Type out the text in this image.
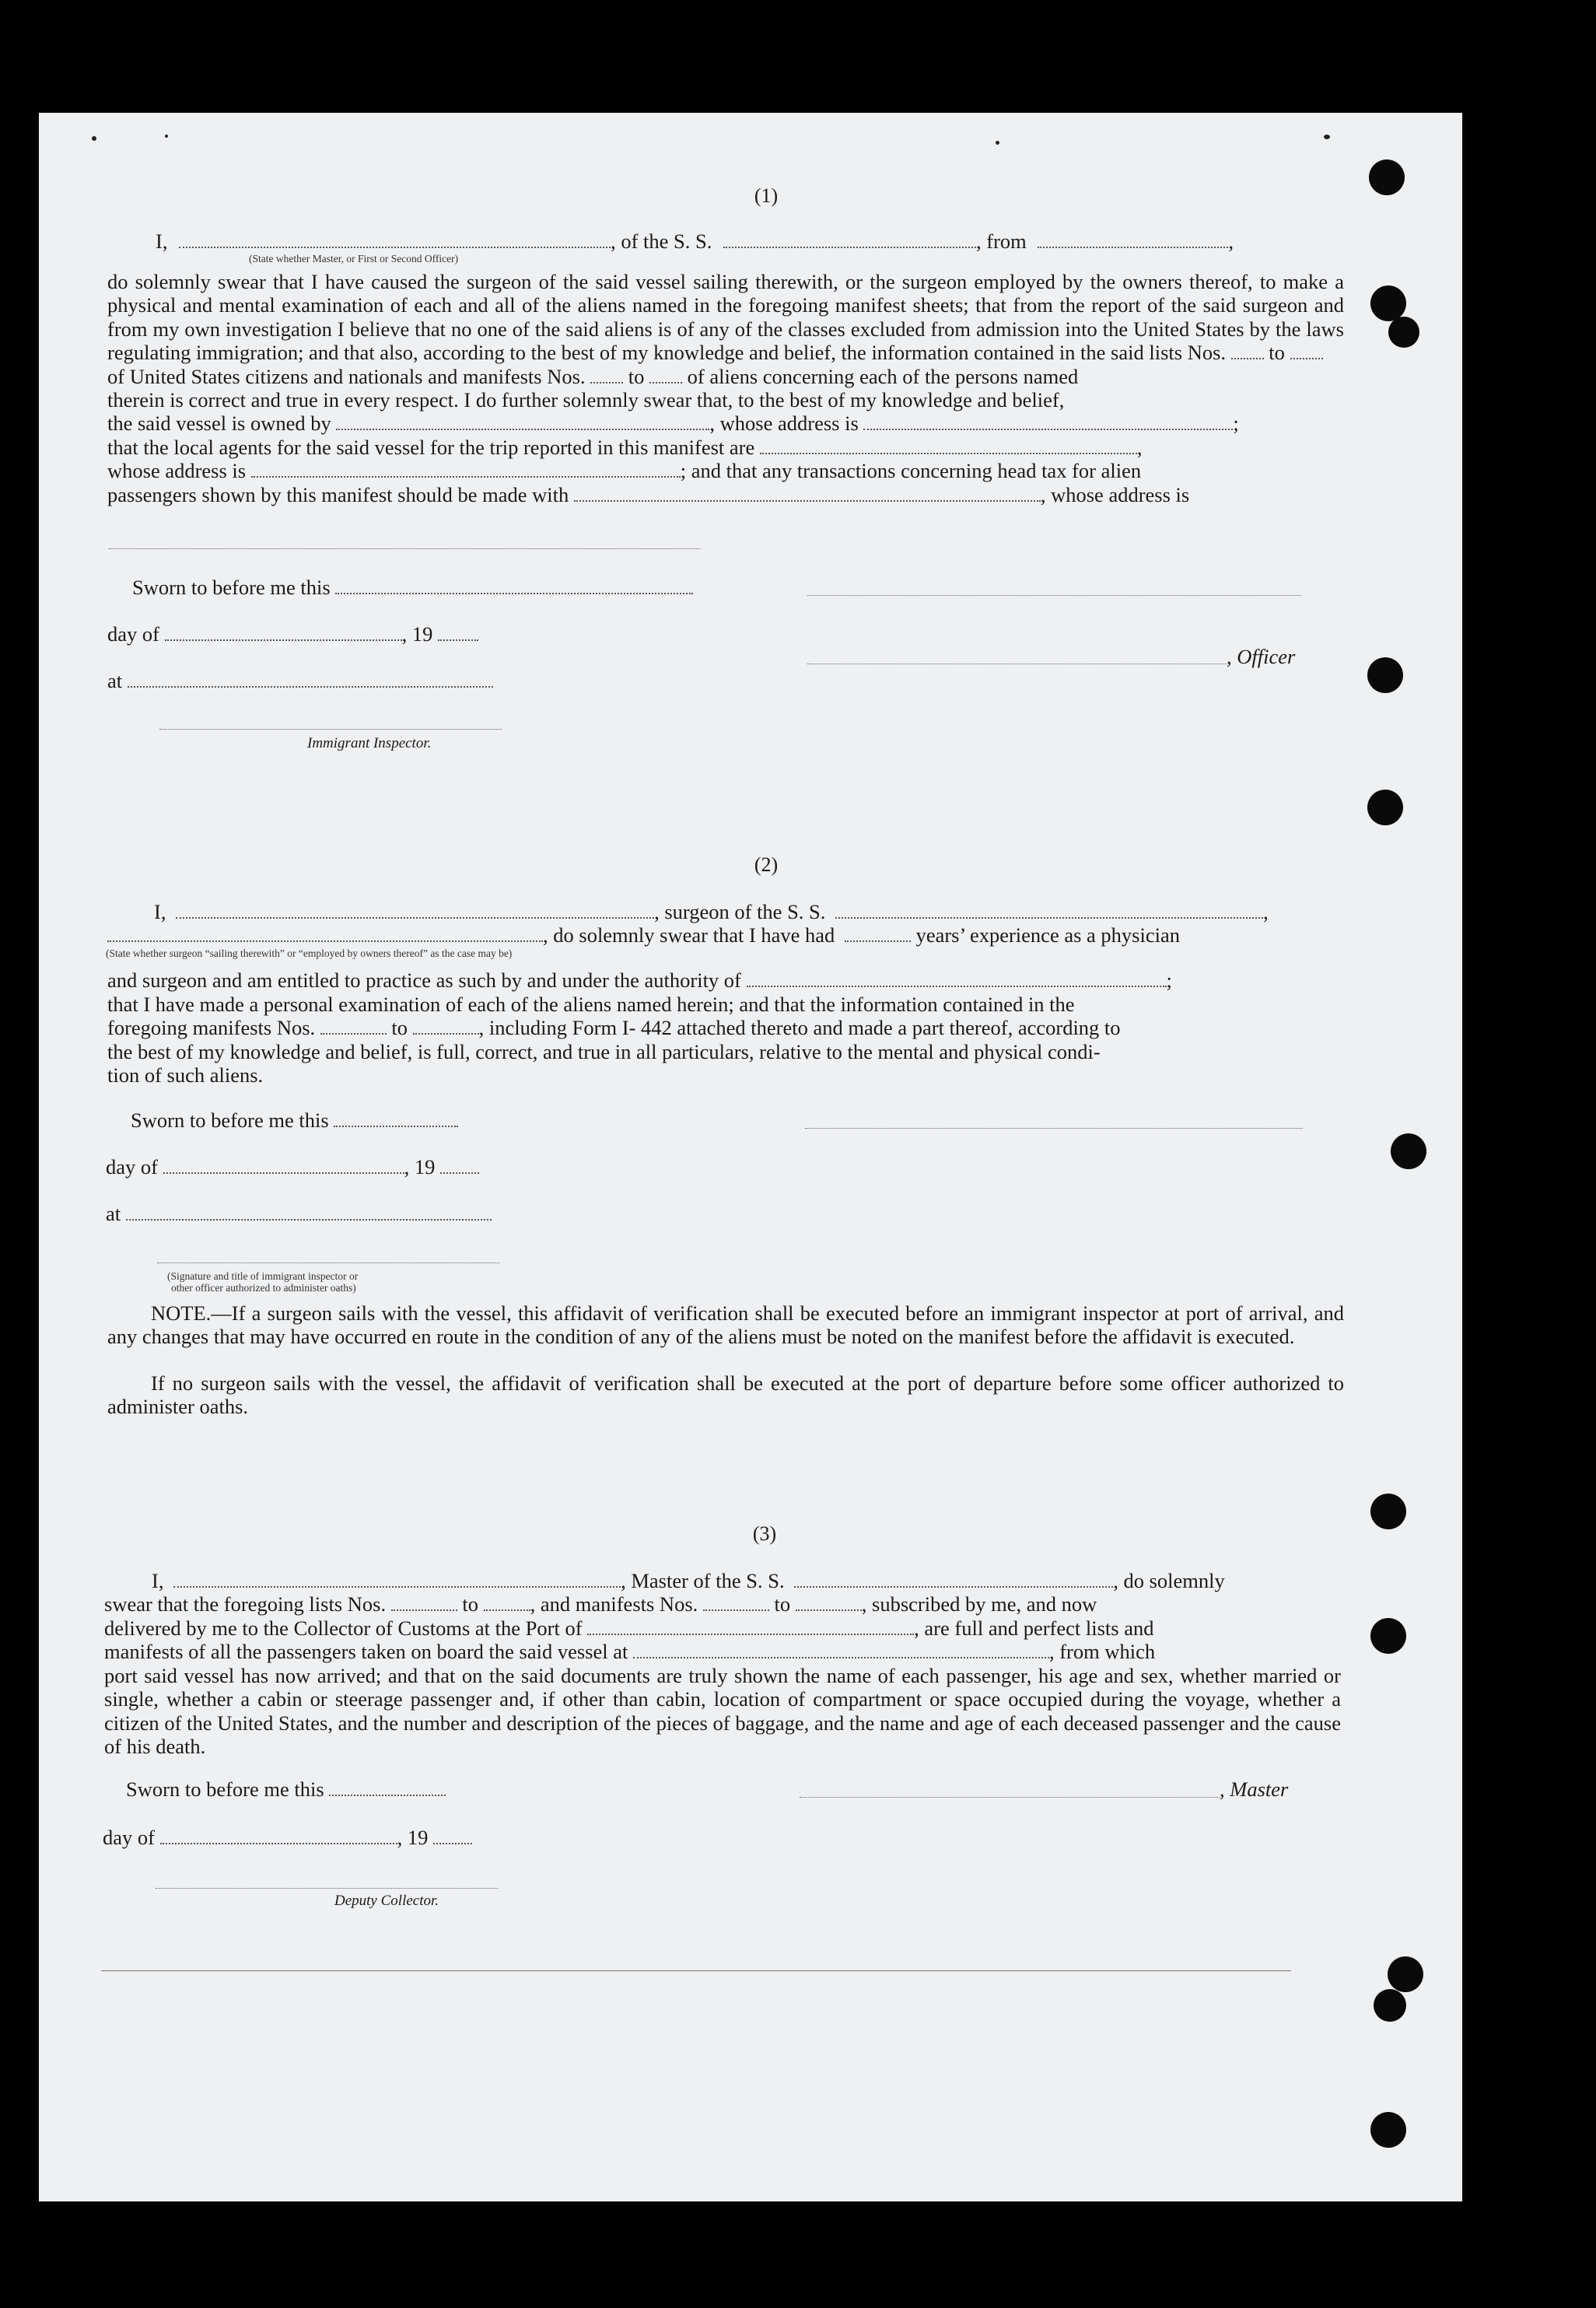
(1)
I,	, of the S. S.	, from	,
(State whether Master, or First or Second Officer)
do solemnly swear that I have caused the surgeon of the said vessel sailing therewith, or the surgeon employed by the owners thereof, to make a physical and mental examination of each and all of the aliens named in the foregoing manifest sheets; that from the report of the said surgeon and from my own investigation I believe that no one of the said aliens is of any of the classes excluded from admission into the United States by the laws regulating immigration; and that also, according to the best of my knowledge and belief, the information contained in the said lists Nos. to
of United States citizens and nationals and manifests Nos. to of aliens concerning each of the persons named
therein is correct and true in every respect. I do further solemnly swear that, to the best of my knowledge and belief,
the said vessel is owned by	, whose address is	;
that the local agents for the said vessel for the trip reported in this manifest are	,
whose address is	; and that any transactions concerning head tax for alien
passengers shown by this manifest should be made with	, whose address is
Sworn to before me this
day of	, 19
, Officer
at
Immigrant Inspector.
(2)
I,	, surgeon of the S. S.	,
, do solemnly swear that I have had	years’ experience as a physician
(State whether surgeon “sailing therewith” or “employed by owners thereof” as the case may be)
and surgeon and am entitled to practice as such by and under the authority of	;
that I have made a personal examination of each of the aliens named herein; and that the information contained in the
foregoing manifests Nos.	to	, including Form I- 442 attached thereto and made a part thereof, according to
the best of my knowledge and belief, is full, correct, and true in all particulars, relative to the mental and physical condi-
tion of such aliens.
Sworn to before me this
day of	, 19
at
(Signature and title of immigrant inspector or
other officer authorized to administer oaths)
NOTE.—If a surgeon sails with the vessel, this affidavit of verification shall be executed before an immigrant inspector at port of arrival, and any changes that may have occurred en route in the condition of any of the aliens must be noted on the manifest before the affidavit is executed.
If no surgeon sails with the vessel, the affidavit of verification shall be executed at the port of departure before some officer authorized to administer oaths.
(3)
I,	, Master of the S. S.	, do solemnly
swear that the foregoing lists Nos.	to	, and manifests Nos.	to	, subscribed by me, and now
delivered by me to the Collector of Customs at the Port of	, are full and perfect lists and
manifests of all the passengers taken on board the said vessel at	, from which
port said vessel has now arrived; and that on the said documents are truly shown the name of each passenger, his age and sex, whether married or single, whether a cabin or steerage passenger and, if other than cabin, location of compartment or space occupied during the voyage, whether a citizen of the United States, and the number and description of the pieces of baggage, and the name and age of each deceased passenger and the cause of his death.
Sworn to before me this	, Master
day of	, 19
Deputy Collector.
